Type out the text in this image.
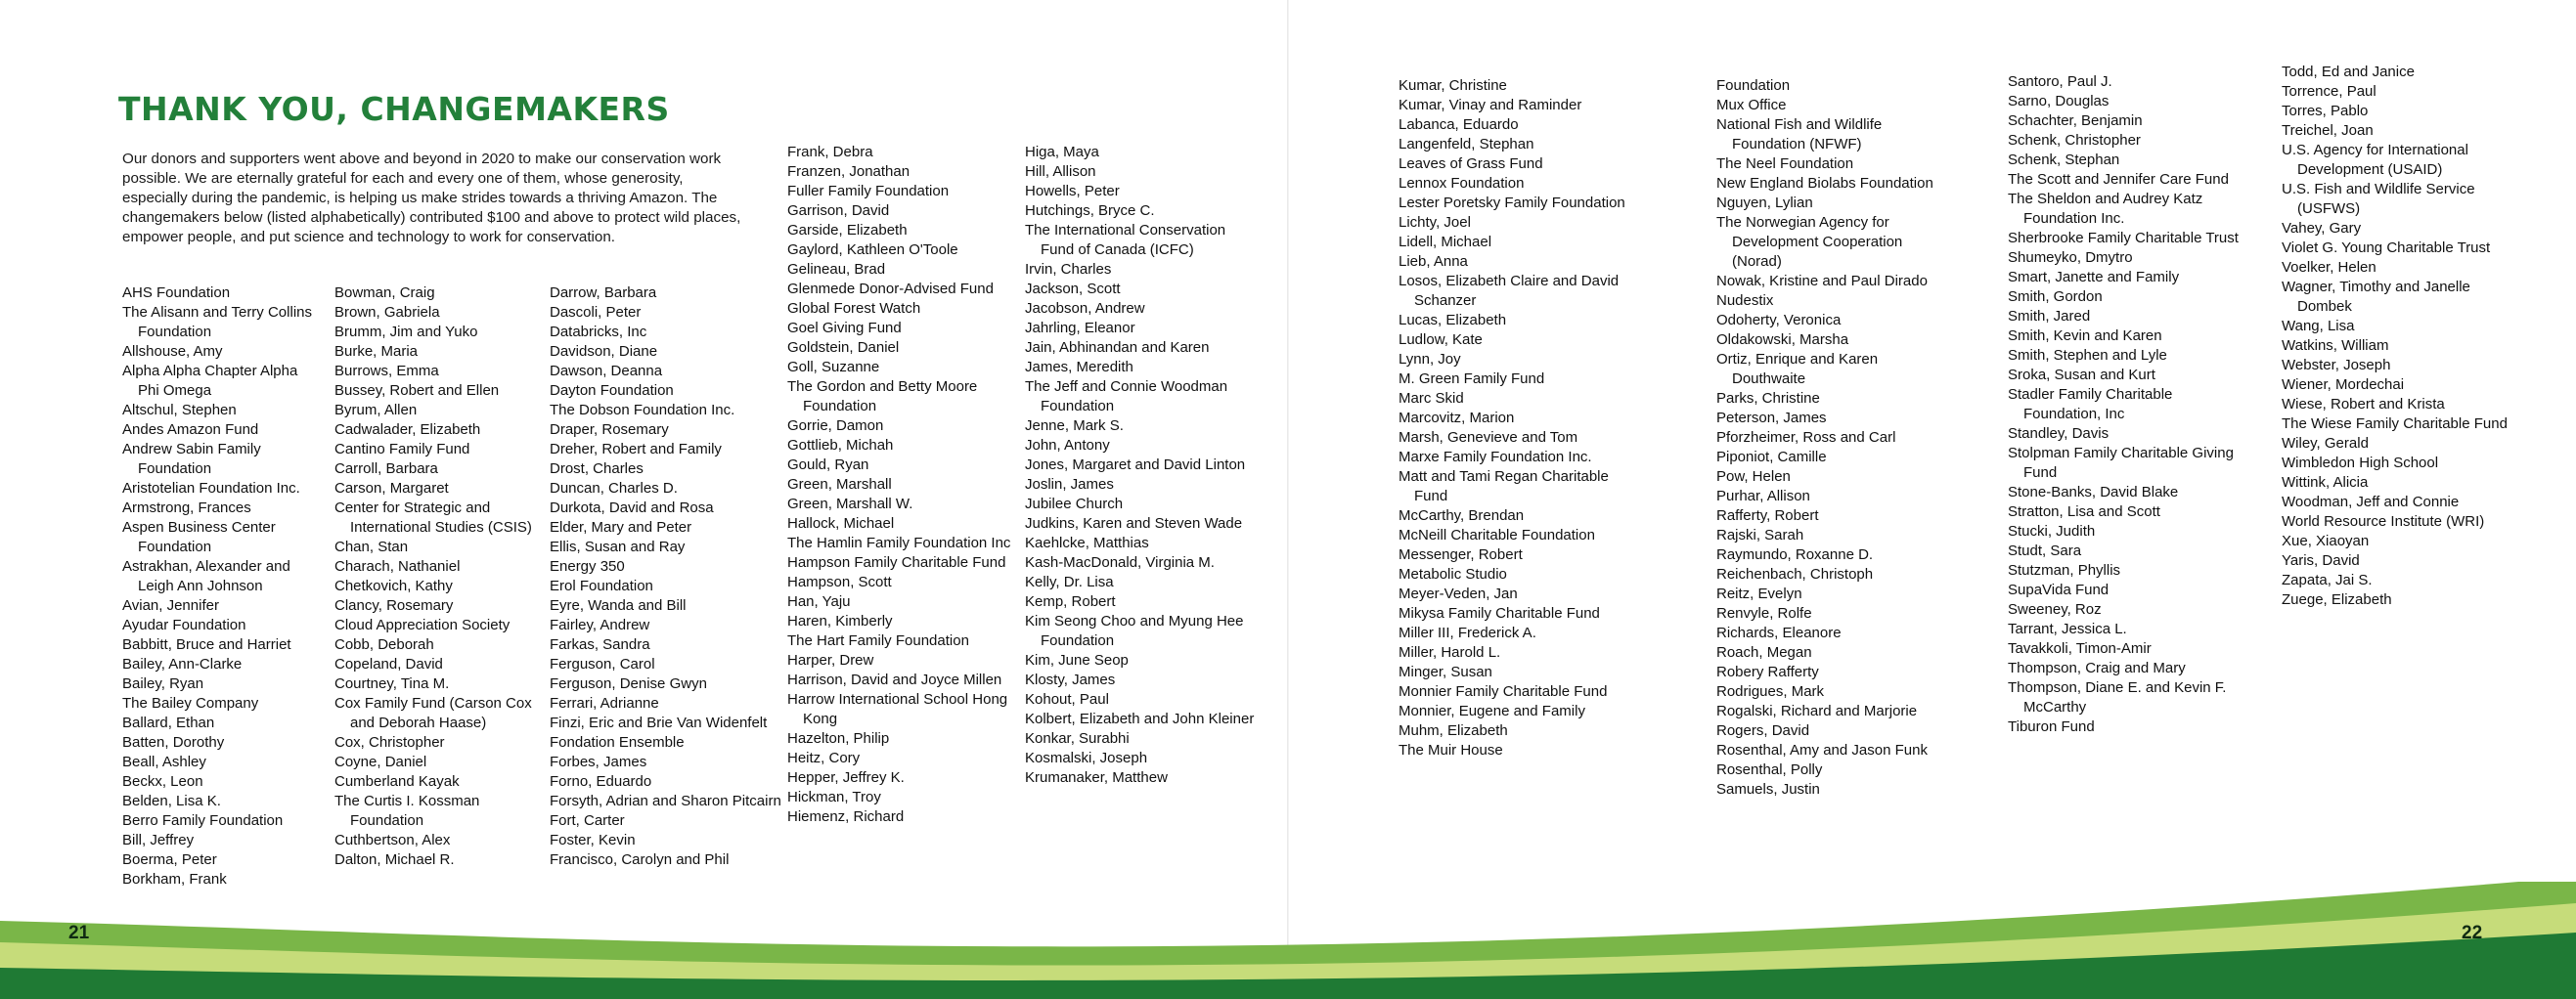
THANK YOU, CHANGEMAKERS

Our donors and supporters went above and beyond in 2020 to make our conservation work possible. We are eternally grateful for each and every one of them, whose generosity, especially during the pandemic, is helping us make strides towards a thriving Amazon. The changemakers below (listed alphabetically) contributed $100 and above to protect wild places, empower people, and put science and technology to work for conservation.

AHS Foundation
The Alisann and Terry Collins Foundation
Allshouse, Amy
Alpha Alpha Chapter Alpha Phi Omega
Altschul, Stephen
Andes Amazon Fund
Andrew Sabin Family Foundation
Aristotelian Foundation Inc.
Armstrong, Frances
Aspen Business Center Foundation
Astrakhan, Alexander and Leigh Ann Johnson
Avian, Jennifer
Ayudar Foundation
Babbitt, Bruce and Harriet
Bailey, Ann-Clarke
Bailey, Ryan
The Bailey Company
Ballard, Ethan
Batten, Dorothy
Beall, Ashley
Beckx, Leon
Belden, Lisa K.
Berro Family Foundation
Bill, Jeffrey
Boerma, Peter
Borkham, Frank
Bowman, Craig
Brown, Gabriela
Brumm, Jim and Yuko
Burke, Maria
Burrows, Emma
Bussey, Robert and Ellen
Byrum, Allen
Cadwalader, Elizabeth
Cantino Family Fund
Carroll, Barbara
Carson, Margaret
Center for Strategic and International Studies (CSIS)
Chan, Stan
Charach, Nathaniel
Chetkovich, Kathy
Clancy, Rosemary
Cloud Appreciation Society
Cobb, Deborah
Copeland, David
Courtney, Tina M.
Cox Family Fund (Carson Cox and Deborah Haase)
Cox, Christopher
Coyne, Daniel
Cumberland Kayak
The Curtis I. Kossman Foundation
Cuthbertson, Alex
Dalton, Michael R.
Darrow, Barbara
Dascoli, Peter
Databricks, Inc
Davidson, Diane
Dawson, Deanna
Dayton Foundation
The Dobson Foundation Inc.
Draper, Rosemary
Dreher, Robert and Family
Drost, Charles
Duncan, Charles D.
Durkota, David and Rosa
Elder, Mary and Peter
Ellis, Susan and Ray
Energy 350
Erol Foundation
Eyre, Wanda and Bill
Fairley, Andrew
Farkas, Sandra
Ferguson, Carol
Ferguson, Denise Gwyn
Ferrari, Adrianne
Finzi, Eric and Brie Van Widenfelt
Fondation Ensemble
Forbes, James
Forno, Eduardo
Forsyth, Adrian and Sharon Pitcairn
Fort, Carter
Foster, Kevin
Francisco, Carolyn and Phil
Frank, Debra
Franzen, Jonathan
Fuller Family Foundation
Garrison, David
Garside, Elizabeth
Gaylord, Kathleen O'Toole
Gelineau, Brad
Glenmede Donor-Advised Fund
Global Forest Watch
Goel Giving Fund
Goldstein, Daniel
Goll, Suzanne
The Gordon and Betty Moore Foundation
Gorrie, Damon
Gottlieb, Michah
Gould, Ryan
Green, Marshall
Green, Marshall W.
Hallock, Michael
The Hamlin Family Foundation Inc
Hampson Family Charitable Fund
Hampson, Scott
Han, Yaju
Haren, Kimberly
The Hart Family Foundation
Harper, Drew
Harrison, David and Joyce Millen
Harrow International School Hong Kong
Hazelton, Philip
Heitz, Cory
Hepper, Jeffrey K.
Hickman, Troy
Hiemenz, Richard
Higa, Maya
Hill, Allison
Howells, Peter
Hutchings, Bryce C.
The International Conservation Fund of Canada (ICFC)
Irvin, Charles
Jackson, Scott
Jacobson, Andrew
Jahrling, Eleanor
Jain, Abhinandan and Karen
James, Meredith
The Jeff and Connie Woodman Foundation
Jenne, Mark S.
John, Antony
Jones, Margaret and David Linton
Joslin, James
Jubilee Church
Judkins, Karen and Steven Wade
Kaehlcke, Matthias
Kash-MacDonald, Virginia M.
Kelly, Dr. Lisa
Kemp, Robert
Kim Seong Choo and Myung Hee Foundation
Kim, June Seop
Klosty, James
Kohout, Paul
Kolbert, Elizabeth and John Kleiner
Konkar, Surabhi
Kosmalski, Joseph
Krumanaker, Matthew
Kumar, Christine
Kumar, Vinay and Raminder
Labanca, Eduardo
Langenfeld, Stephan
Leaves of Grass Fund
Lennox Foundation
Lester Poretsky Family Foundation
Lichty, Joel
Lidell, Michael
Lieb, Anna
Losos, Elizabeth Claire and David Schanzer
Lucas, Elizabeth
Ludlow, Kate
Lynn, Joy
M. Green Family Fund
Marc Skid
Marcovitz, Marion
Marsh, Genevieve and Tom
Marxe Family Foundation Inc.
Matt and Tami Regan Charitable Fund
McCarthy, Brendan
McNeill Charitable Foundation
Messenger, Robert
Metabolic Studio
Meyer-Veden, Jan
Mikysa Family Charitable Fund
Miller III, Frederick A.
Miller, Harold L.
Minger, Susan
Monnier Family Charitable Fund
Monnier, Eugene and Family
Muhm, Elizabeth
The Muir House
Foundation
Mux Office
National Fish and Wildlife Foundation (NFWF)
The Neel Foundation
New England Biolabs Foundation
Nguyen, Lylian
The Norwegian Agency for Development Cooperation (Norad)
Nowak, Kristine and Paul Dirado
Nudestix
Odoherty, Veronica
Oldakowski, Marsha
Ortiz, Enrique and Karen Douthwaite
Parks, Christine
Peterson, James
Pforzheimer, Ross and Carl
Piponiot, Camille
Pow, Helen
Purhar, Allison
Rafferty, Robert
Rajski, Sarah
Raymundo, Roxanne D.
Reichenbach, Christoph
Reitz, Evelyn
Renvyle, Rolfe
Richards, Eleanore
Roach, Megan
Robery Rafferty
Rodrigues, Mark
Rogalski, Richard and Marjorie
Rogers, David
Rosenthal, Amy and Jason Funk
Rosenthal, Polly
Samuels, Justin
Santoro, Paul J.
Sarno, Douglas
Schachter, Benjamin
Schenk, Christopher
Schenk, Stephan
The Scott and Jennifer Care Fund
The Sheldon and Audrey Katz Foundation Inc.
Sherbrooke Family Charitable Trust
Shumeyko, Dmytro
Smart, Janette and Family
Smith, Gordon
Smith, Jared
Smith, Kevin and Karen
Smith, Stephen and Lyle
Sroka, Susan and Kurt
Stadler Family Charitable Foundation, Inc
Standley, Davis
Stolpman Family Charitable Giving Fund
Stone-Banks, David Blake
Stratton, Lisa and Scott
Stucki, Judith
Studt, Sara
Stutzman, Phyllis
SupaVida Fund
Sweeney, Roz
Tarrant, Jessica L.
Tavakkoli, Timon-Amir
Thompson, Craig and Mary
Thompson, Diane E. and Kevin F. McCarthy
Tiburon Fund
Todd, Ed and Janice
Torrence, Paul
Torres, Pablo
Treichel, Joan
U.S. Agency for International Development (USAID)
U.S. Fish and Wildlife Service (USFWS)
Vahey, Gary
Violet G. Young Charitable Trust
Voelker, Helen
Wagner, Timothy and Janelle Dombek
Wang, Lisa
Watkins, William
Webster, Joseph
Wiener, Mordechai
Wiese, Robert and Krista
The Wiese Family Charitable Fund
Wiley, Gerald
Wimbledon High School
Wittink, Alicia
Woodman, Jeff and Connie
World Resource Institute (WRI)
Xue, Xiaoyan
Yaris, David
Zapata, Jai S.
Zuege, Elizabeth
21	22
